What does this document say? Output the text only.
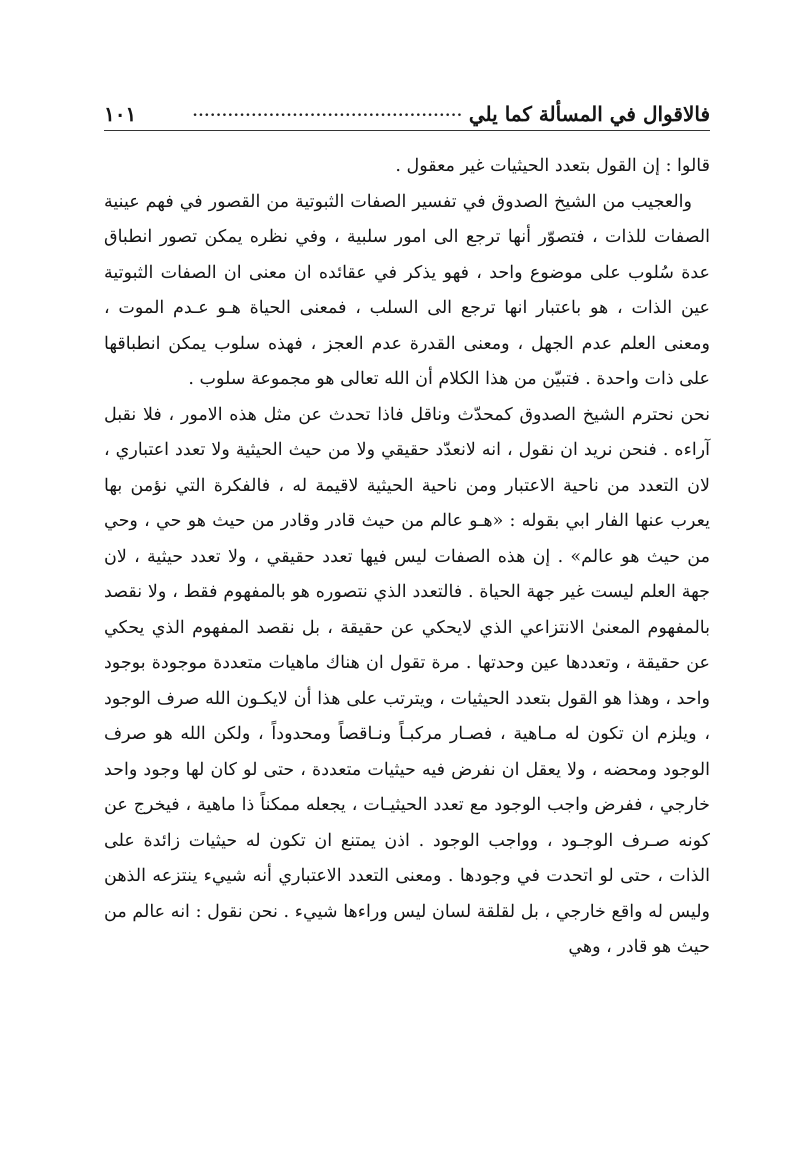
فالاقوال في المسألة كما يلي
..............................................
١٠١

قالوا : إن القول بتعدد الحيثيات غير معقول .

والعجيب من الشيخ الصدوق في تفسير الصفات الثبوتية من القصور في فهم عينية الصفات للذات ، فتصوّر أنها ترجع الى امور سلبية ، وفي نظره يمكن تصور انطباق عدة سُلوب على موضوع واحد ، فهو يذكر في عقائده ان معنى ان الصفات الثبوتية عين الذات ، هو باعتبار انها ترجع الى السلب ، فمعنى الحياة هـو عـدم الموت ، ومعنى العلم عدم الجهل ، ومعنى القدرة عدم العجز ، فهذه سلوب يمكن انطباقها على ذات واحدة . فتبيّن من هذا الكلام أن الله تعالى هو مجموعة سلوب .

نحن نحترم الشيخ الصدوق كمحدّث وناقل فاذا تحدث عن مثل هذه الامور ، فلا نقبل آراءه . فنحن نريد ان نقول ، انه لانعدّد حقيقي ولا من حيث الحيثية ولا تعدد اعتباري ، لان التعدد من ناحية الاعتبار ومن ناحية الحيثية لاقيمة له ، فالفكرة التي نؤمن بها يعرب عنها الفار ابي بقوله : «هـو عالم من حيث قادر وقادر من حيث هو حي ، وحي من حيث هو عالم» . إن هذه الصفات ليس فيها تعدد حقيقي ، ولا تعدد حيثية ، لان جهة العلم ليست غير جهة الحياة . فالتعدد الذي نتصوره هو بالمفهوم فقط ، ولا نقصد بالمفهوم المعنىٰ الانتزاعي الذي لايحكي عن حقيقة ، بل نقصد المفهوم الذي يحكي عن حقيقة ، وتعددها عين وحدتها . مرة تقول ان هناك ماهيات متعددة موجودة بوجود واحد ، وهذا هو القول بتعدد الحيثيات ، ويترتب على هذا أن لايكـون الله صرف الوجود ، ويلزم ان تكون له مـاهية ، فصـار مركبـاً ونـاقصاً ومحدوداً ، ولكن الله هو صرف الوجود ومحضه ، ولا يعقل ان نفرض فيه حيثيات متعددة ، حتى لو كان لها وجود واحد خارجي ، ففرض واجب الوجود مع تعدد الحيثيـات ، يجعله ممكناً ذا ماهية ، فيخرج عن كونه صـرف الوجـود ، وواجب الوجود . اذن يمتنع ان تكون له حيثيات زائدة على الذات ، حتى لو اتحدت في وجودها . ومعنى التعدد الاعتباري أنه شييء ينتزعه الذهن وليس له واقع خارجي ، بل لقلقة لسان ليس وراءها شييء . نحن نقول : انه عالم من حيث هو قادر ، وهي
